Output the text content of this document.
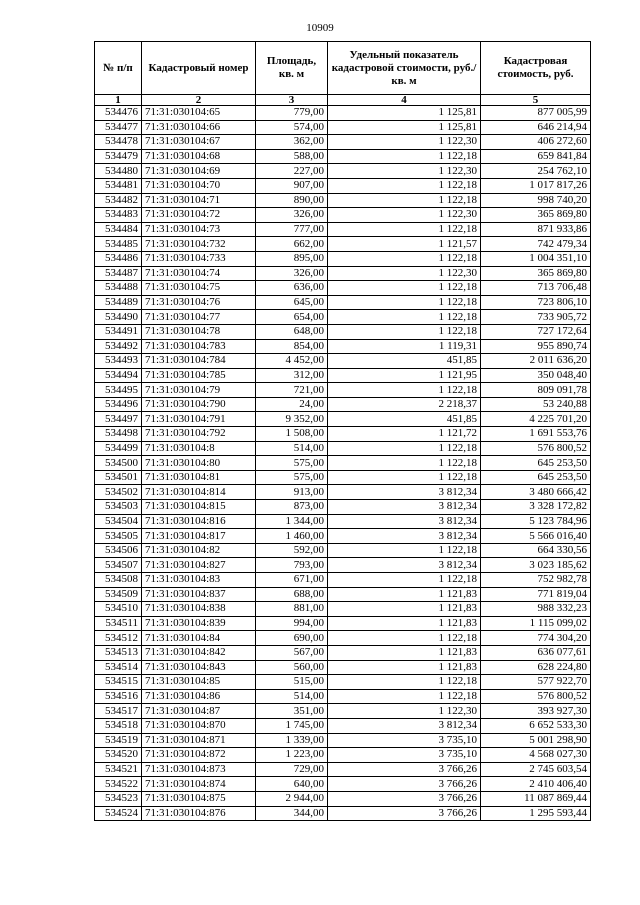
10909
№ п/п	Кадастровый номер	Площадь, кв. м	Удельный показатель кадастровой стоимости, руб./кв. м	Кадастровая стоимость, руб.
1	2	3	4	5
534476	71:31:030104:65	779,00	1 125,81	877 005,99
534477	71:31:030104:66	574,00	1 125,81	646 214,94
534478	71:31:030104:67	362,00	1 122,30	406 272,60
534479	71:31:030104:68	588,00	1 122,18	659 841,84
534480	71:31:030104:69	227,00	1 122,30	254 762,10
534481	71:31:030104:70	907,00	1 122,18	1 017 817,26
534482	71:31:030104:71	890,00	1 122,18	998 740,20
534483	71:31:030104:72	326,00	1 122,30	365 869,80
534484	71:31:030104:73	777,00	1 122,18	871 933,86
534485	71:31:030104:732	662,00	1 121,57	742 479,34
534486	71:31:030104:733	895,00	1 122,18	1 004 351,10
534487	71:31:030104:74	326,00	1 122,30	365 869,80
534488	71:31:030104:75	636,00	1 122,18	713 706,48
534489	71:31:030104:76	645,00	1 122,18	723 806,10
534490	71:31:030104:77	654,00	1 122,18	733 905,72
534491	71:31:030104:78	648,00	1 122,18	727 172,64
534492	71:31:030104:783	854,00	1 119,31	955 890,74
534493	71:31:030104:784	4 452,00	451,85	2 011 636,20
534494	71:31:030104:785	312,00	1 121,95	350 048,40
534495	71:31:030104:79	721,00	1 122,18	809 091,78
534496	71:31:030104:790	24,00	2 218,37	53 240,88
534497	71:31:030104:791	9 352,00	451,85	4 225 701,20
534498	71:31:030104:792	1 508,00	1 121,72	1 691 553,76
534499	71:31:030104:8	514,00	1 122,18	576 800,52
534500	71:31:030104:80	575,00	1 122,18	645 253,50
534501	71:31:030104:81	575,00	1 122,18	645 253,50
534502	71:31:030104:814	913,00	3 812,34	3 480 666,42
534503	71:31:030104:815	873,00	3 812,34	3 328 172,82
534504	71:31:030104:816	1 344,00	3 812,34	5 123 784,96
534505	71:31:030104:817	1 460,00	3 812,34	5 566 016,40
534506	71:31:030104:82	592,00	1 122,18	664 330,56
534507	71:31:030104:827	793,00	3 812,34	3 023 185,62
534508	71:31:030104:83	671,00	1 122,18	752 982,78
534509	71:31:030104:837	688,00	1 121,83	771 819,04
534510	71:31:030104:838	881,00	1 121,83	988 332,23
534511	71:31:030104:839	994,00	1 121,83	1 115 099,02
534512	71:31:030104:84	690,00	1 122,18	774 304,20
534513	71:31:030104:842	567,00	1 121,83	636 077,61
534514	71:31:030104:843	560,00	1 121,83	628 224,80
534515	71:31:030104:85	515,00	1 122,18	577 922,70
534516	71:31:030104:86	514,00	1 122,18	576 800,52
534517	71:31:030104:87	351,00	1 122,30	393 927,30
534518	71:31:030104:870	1 745,00	3 812,34	6 652 533,30
534519	71:31:030104:871	1 339,00	3 735,10	5 001 298,90
534520	71:31:030104:872	1 223,00	3 735,10	4 568 027,30
534521	71:31:030104:873	729,00	3 766,26	2 745 603,54
534522	71:31:030104:874	640,00	3 766,26	2 410 406,40
534523	71:31:030104:875	2 944,00	3 766,26	11 087 869,44
534524	71:31:030104:876	344,00	3 766,26	1 295 593,44
